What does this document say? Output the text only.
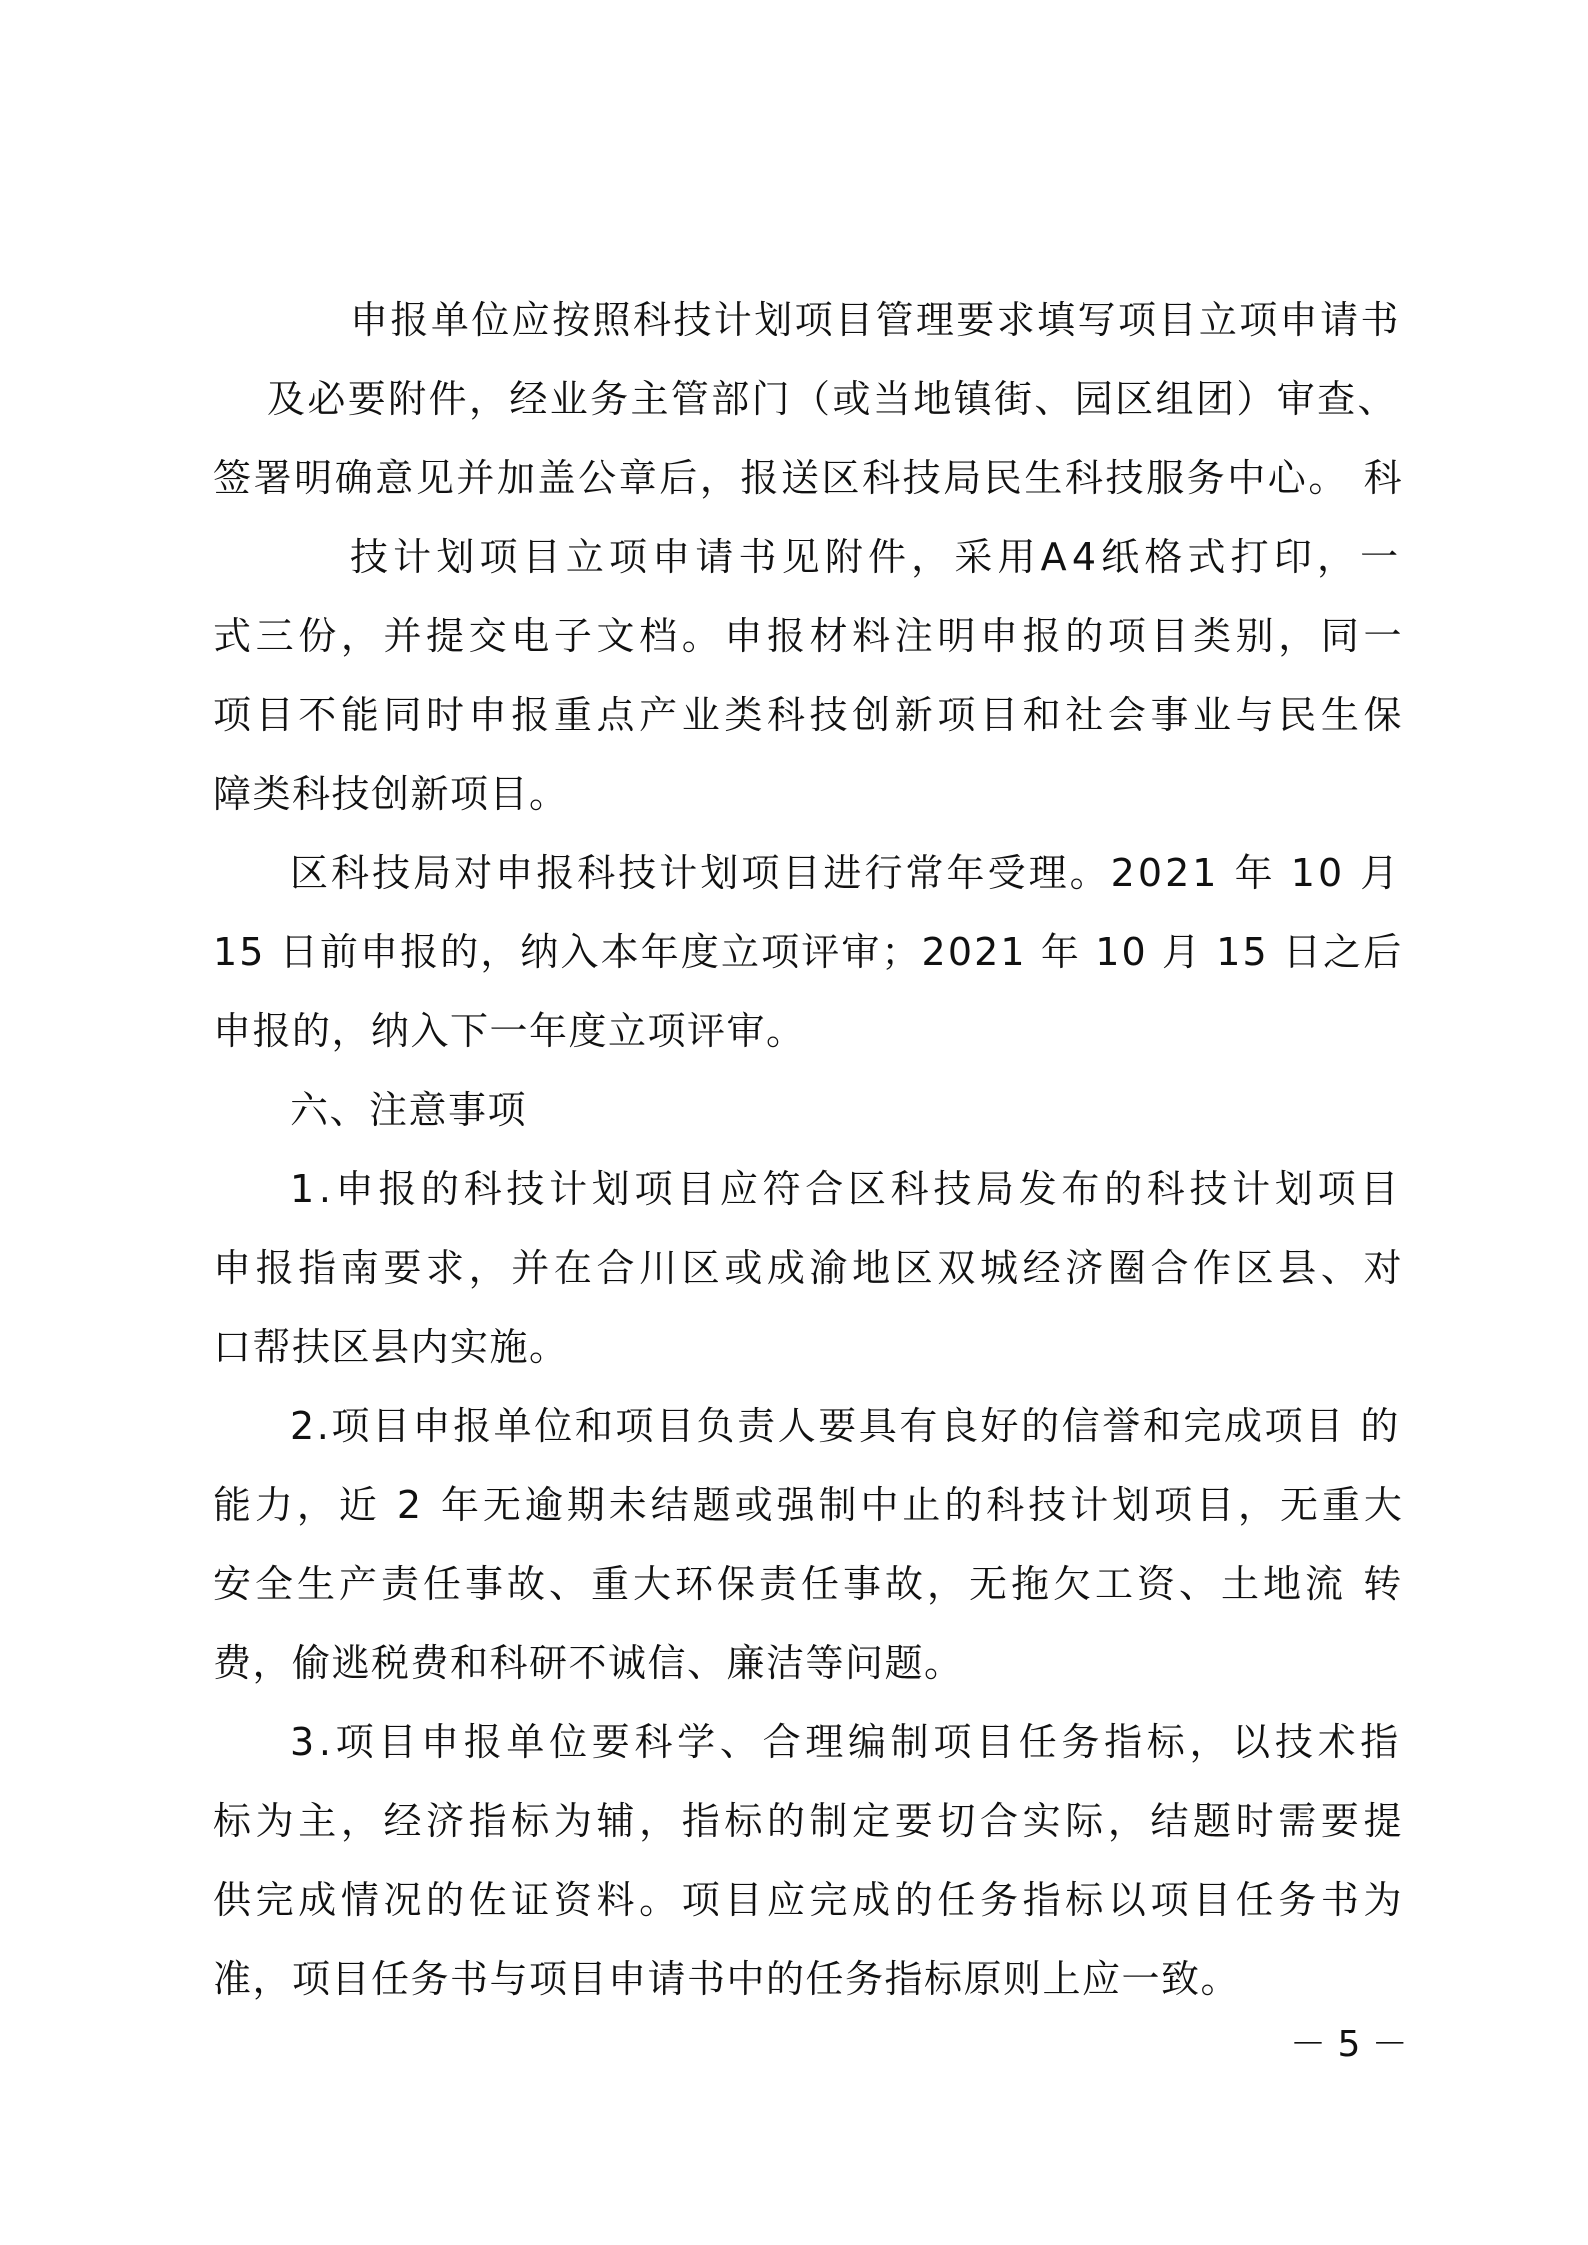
申报单位应按照科技计划项目管理要求填写项目立项申请书
及必要附件，经业务主管部门（或当地镇街、园区组团）审查、
签署明确意见并加盖公章后，报送区科技局民生科技服务中心。 科
技计划项目立项申请书见附件，采用A4纸格式打印，一
式三份，并提交电子文档。申报材料注明申报的项目类别，同一
项目不能同时申报重点产业类科技创新项目和社会事业与民生保
障类科技创新项目。
区科技局对申报科技计划项目进行常年受理。2021 年 10 月
15 日前申报的，纳入本年度立项评审；2021 年 10 月 15 日之后
申报的，纳入下一年度立项评审。
六、注意事项
1.申报的科技计划项目应符合区科技局发布的科技计划项目
申报指南要求，并在合川区或成渝地区双城经济圈合作区县、对
口帮扶区县内实施。
2.项目申报单位和项目负责人要具有良好的信誉和完成项目 的
能力，近 2 年无逾期未结题或强制中止的科技计划项目，无重大
安全生产责任事故、重大环保责任事故，无拖欠工资、土地流 转
费，偷逃税费和科研不诚信、廉洁等问题。
3.项目申报单位要科学、合理编制项目任务指标，以技术指
标为主，经济指标为辅，指标的制定要切合实际，结题时需要提
供完成情况的佐证资料。项目应完成的任务指标以项目任务书为
准，项目任务书与项目申请书中的任务指标原则上应一致。
－ 5 －
